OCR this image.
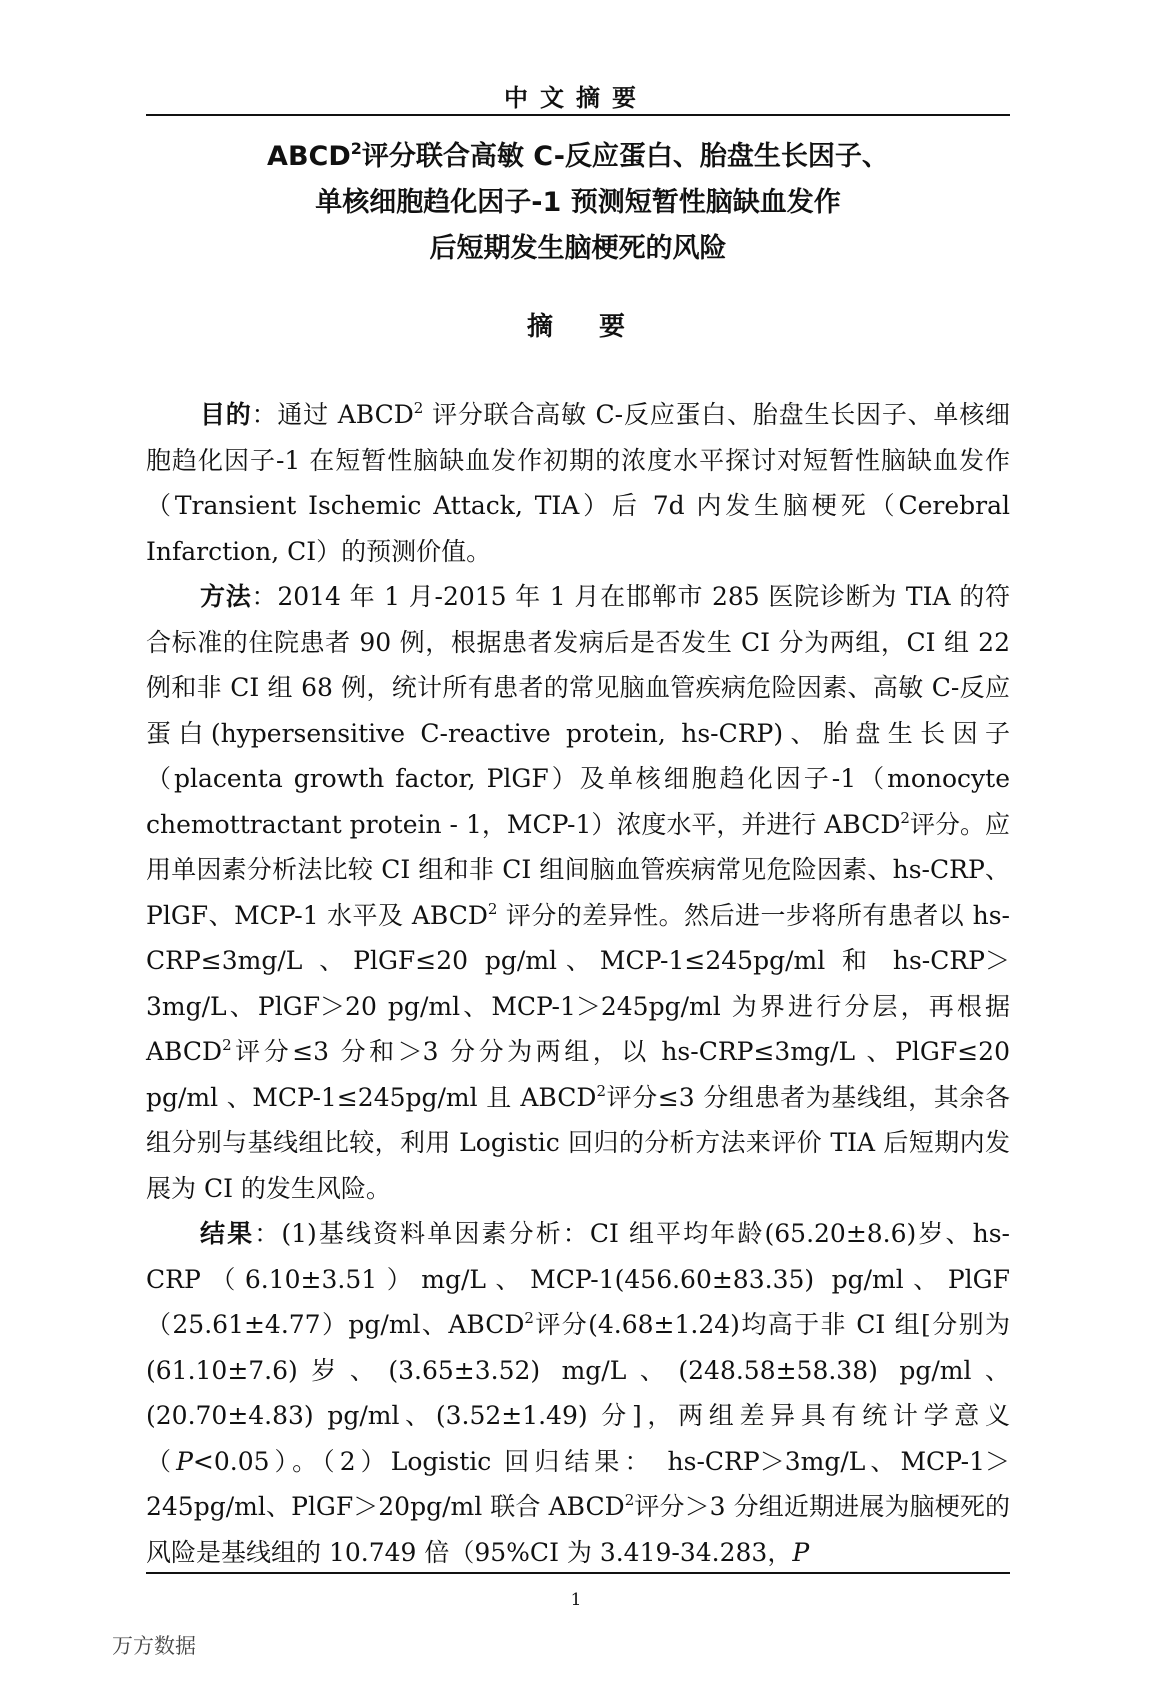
中文摘要
ABCD$^2$评分联合高敏 C-反应蛋白、胎盘生长因子、
单核细胞趋化因子-1 预测短暂性脑缺血发作
后短期发生脑梗死的风险
摘要

目的：通过 ABCD$^2$ 评分联合高敏 C-反应蛋白、胎盘生长因子、单核细胞趋化因子-1 在短暂性脑缺血发作初期的浓度水平探讨对短暂性脑缺血发作（Transient Ischemic Attack, TIA）后 7d 内发生脑梗死（Cerebral Infarction, CI）的预测价值。

方法：2014 年 1 月-2015 年 1 月在邯郸市 285 医院诊断为 TIA 的符合标准的住院患者 90 例，根据患者发病后是否发生 CI 分为两组，CI 组 22 例和非 CI 组 68 例，统计所有患者的常见脑血管疾病危险因素、高敏 C-反应蛋白(hypersensitive C-reactive protein, hs-CRP)、胎盘生长因子（placenta growth factor, PlGF）及单核细胞趋化因子-1（monocyte chemottractant protein - 1，MCP-1）浓度水平，并进行 ABCD$^2$评分。应用单因素分析法比较 CI 组和非 CI 组间脑血管疾病常见危险因素、hs-CRP、PlGF、MCP-1 水平及 ABCD$^2$ 评分的差异性。然后进一步将所有患者以 hs-CRP≤3mg/L 、PlGF≤20 pg/ml、MCP-1≤245pg/ml 和 hs-CRP＞3mg/L、PlGF＞20 pg/ml、MCP-1＞245pg/ml 为界进行分层，再根据 ABCD$^2$评分≤3 分和＞3 分分为两组，以 hs-CRP≤3mg/L 、PlGF≤20 pg/ml 、MCP-1≤245pg/ml 且 ABCD$^2$评分≤3 分组患者为基线组，其余各组分别与基线组比较，利用 Logistic 回归的分析方法来评价 TIA 后短期内发展为 CI 的发生风险。

结果：(1)基线资料单因素分析：CI 组平均年龄(65.20±8.6)岁、hs-CRP（6.10±3.51）mg/L、MCP-1(456.60±83.35) pg/ml、PlGF（25.61±4.77）pg/ml、ABCD$^2$评分(4.68±1.24)均高于非 CI 组[分别为(61.10±7.6)岁、(3.65±3.52) mg/L、(248.58±58.38) pg/ml、(20.70±4.83) pg/ml、(3.52±1.49) 分]，两组差异具有统计学意义（P<0.05）。（2）Logistic 回归结果： hs-CRP＞3mg/L、MCP-1＞245pg/ml、PlGF＞20pg/ml 联合 ABCD$^2$评分＞3 分组近期进展为脑梗死的风险是基线组的 10.749 倍（95%CI 为 3.419-34.283，P

1
万方数据
